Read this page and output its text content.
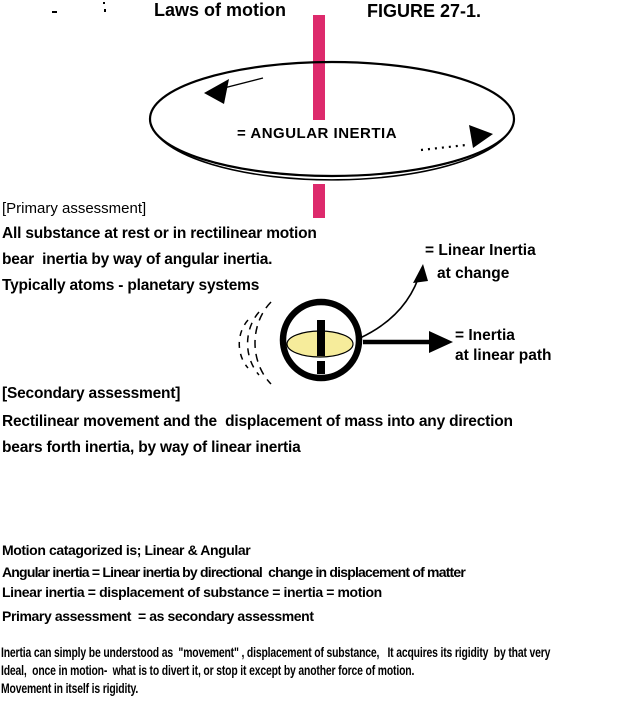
Laws of motion	FIGURE 27-1.
= ANGULAR INERTIA
[Primary assessment]
All substance at rest or in rectilinear motion
bear  inertia by way of angular inertia.
Typically atoms - planetary systems
= Linear Inertia
at change
= Inertia
at linear path
[Secondary assessment]
Rectilinear movement and the  displacement of mass into any direction
bears forth inertia, by way of linear inertia
Motion catagorized is; Linear & Angular
Angular inertia = Linear inertia by directional  change in displacement of matter
Linear inertia = displacement of substance = inertia = motion
Primary assessment  = as secondary assessment
Inertia can simply be understood as  "movement" , displacement of substance,   It acquires its rigidity  by that very
Ideal,  once in motion-  what is to divert it, or stop it except by another force of motion.
Movement in itself is rigidity.
